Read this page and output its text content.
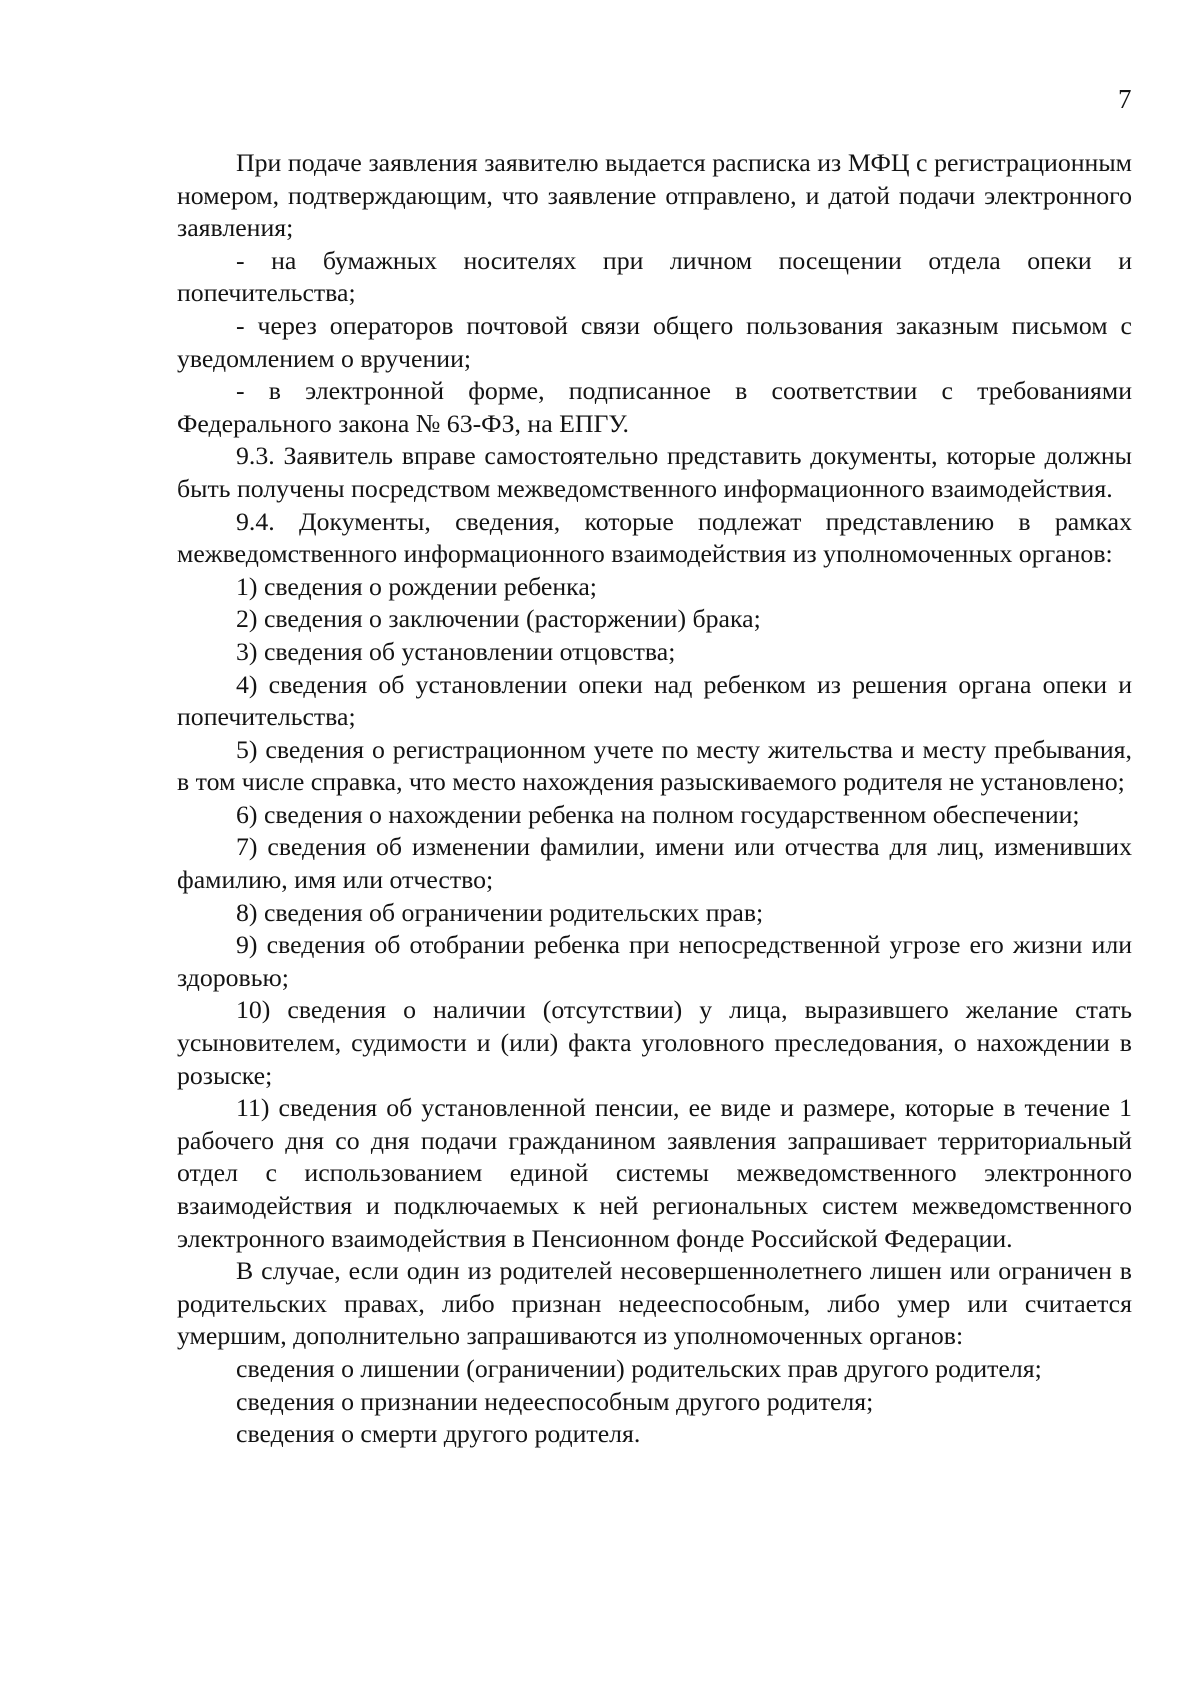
7

При подаче заявления заявителю выдается расписка из МФЦ с регистрационным номером, подтверждающим, что заявление отправлено, и датой подачи электронного заявления;

- на бумажных носителях при личном посещении отдела опеки и попечительства;

- через операторов почтовой связи общего пользования заказным письмом с уведомлением о вручении;

- в электронной форме, подписанное в соответствии с требованиями Федерального закона № 63-ФЗ, на ЕПГУ.

9.3. Заявитель вправе самостоятельно представить документы, которые должны быть получены посредством межведомственного информационного взаимодействия.

9.4. Документы, сведения, которые подлежат представлению в рамках межведомственного информационного взаимодействия из уполномоченных органов:

1) сведения о рождении ребенка;

2) сведения о заключении (расторжении) брака;

3) сведения об установлении отцовства;

4) сведения об установлении опеки над ребенком из решения органа опеки и попечительства;

5) сведения о регистрационном учете по месту жительства и месту пребывания, в том числе справка, что место нахождения разыскиваемого родителя не установлено;

6) сведения о нахождении ребенка на полном государственном обеспечении;

7) сведения об изменении фамилии, имени или отчества для лиц, изменивших фамилию, имя или отчество;

8) сведения об ограничении родительских прав;

9) сведения об отобрании ребенка при непосредственной угрозе его жизни или здоровью;

10) сведения о наличии (отсутствии) у лица, выразившего желание стать усыновителем, судимости и (или) факта уголовного преследования, о нахождении в розыске;

11) сведения об установленной пенсии, ее виде и размере, которые в течение 1 рабочего дня со дня подачи гражданином заявления запрашивает территориальный отдел с использованием единой системы межведомственного электронного взаимодействия и подключаемых к ней региональных систем межведомственного электронного взаимодействия в Пенсионном фонде Российской Федерации.

В случае, если один из родителей несовершеннолетнего лишен или ограничен в родительских правах, либо признан недееспособным, либо умер или считается умершим, дополнительно запрашиваются из уполномоченных органов:

сведения о лишении (ограничении) родительских прав другого родителя;

сведения о признании недееспособным другого родителя;

сведения о смерти другого родителя.
